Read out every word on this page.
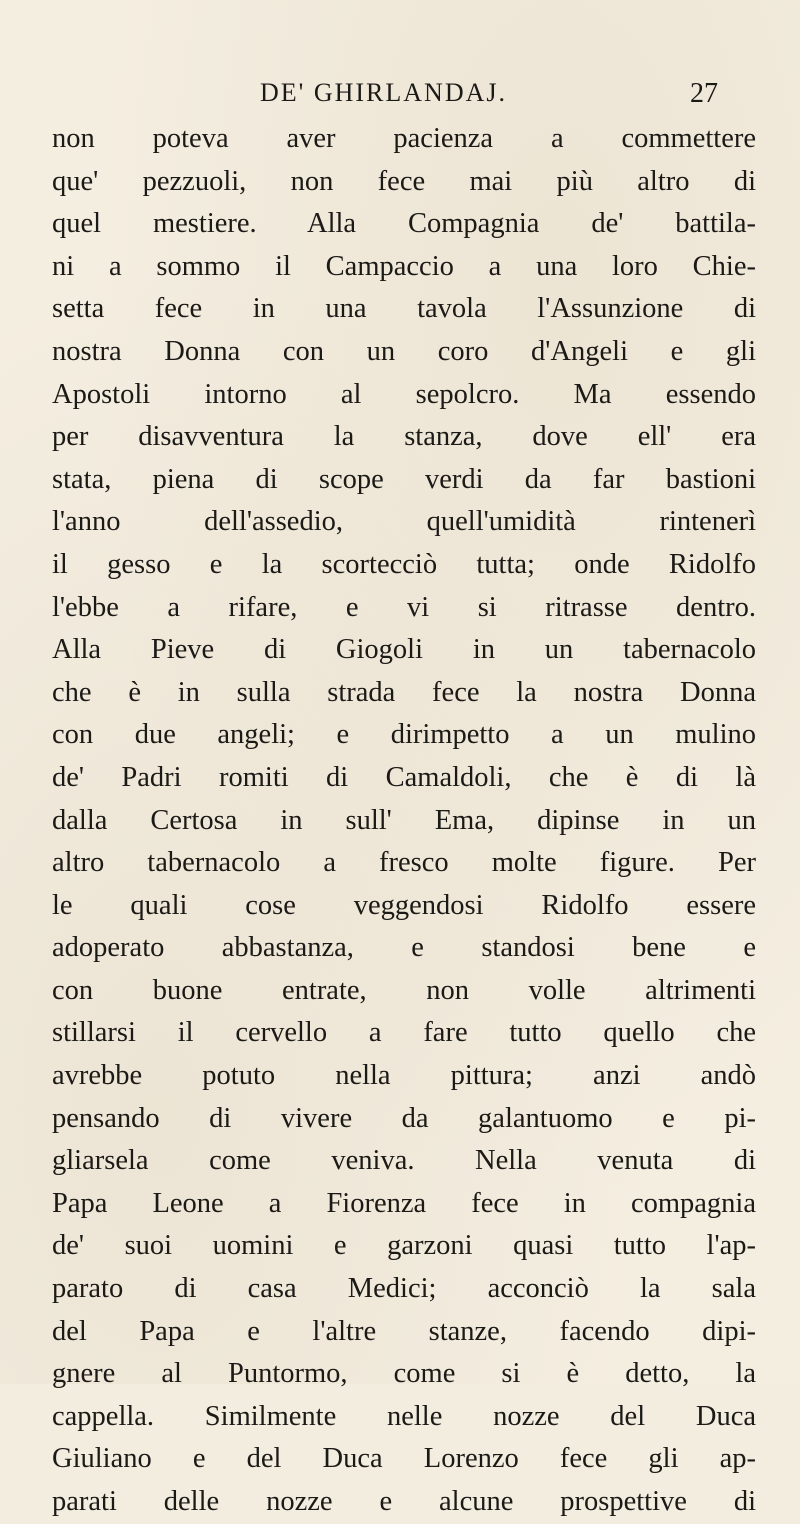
DE' GHIRLANDAJ.	27
non poteva aver pacienza a commettere
que' pezzuoli, non fece mai più altro di
quel mestiere. Alla Compagnia de' battila-
ni a sommo il Campaccio a una loro Chie-
setta fece in una tavola l'Assunzione di
nostra Donna con un coro d'Angeli e gli
Apostoli intorno al sepolcro. Ma essendo
per disavventura la stanza, dove ell' era
stata, piena di scope verdi da far bastioni
l'anno dell'assedio, quell'umidità rintenerì
il gesso e la scortecciò tutta; onde Ridolfo
l'ebbe a rifare, e vi si ritrasse dentro.
Alla Pieve di Giogoli in un tabernacolo
che è in sulla strada fece la nostra Donna
con due angeli; e dirimpetto a un mulino
de' Padri romiti di Camaldoli, che è di là
dalla Certosa in sull' Ema, dipinse in un
altro tabernacolo a fresco molte figure. Per
le quali cose veggendosi Ridolfo essere
adoperato abbastanza, e standosi bene e
con buone entrate, non volle altrimenti
stillarsi il cervello a fare tutto quello che
avrebbe potuto nella pittura; anzi andò
pensando di vivere da galantuomo e pi-
gliarsela come veniva. Nella venuta di
Papa Leone a Fiorenza fece in compagnia
de' suoi uomini e garzoni quasi tutto l'ap-
parato di casa Medici; acconciò la sala
del Papa e l'altre stanze, facendo dipi-
gnere al Puntormo, come si è detto, la
cappella. Similmente nelle nozze del Duca
Giuliano e del Duca Lorenzo fece gli ap-
parati delle nozze e alcune prospettive di
